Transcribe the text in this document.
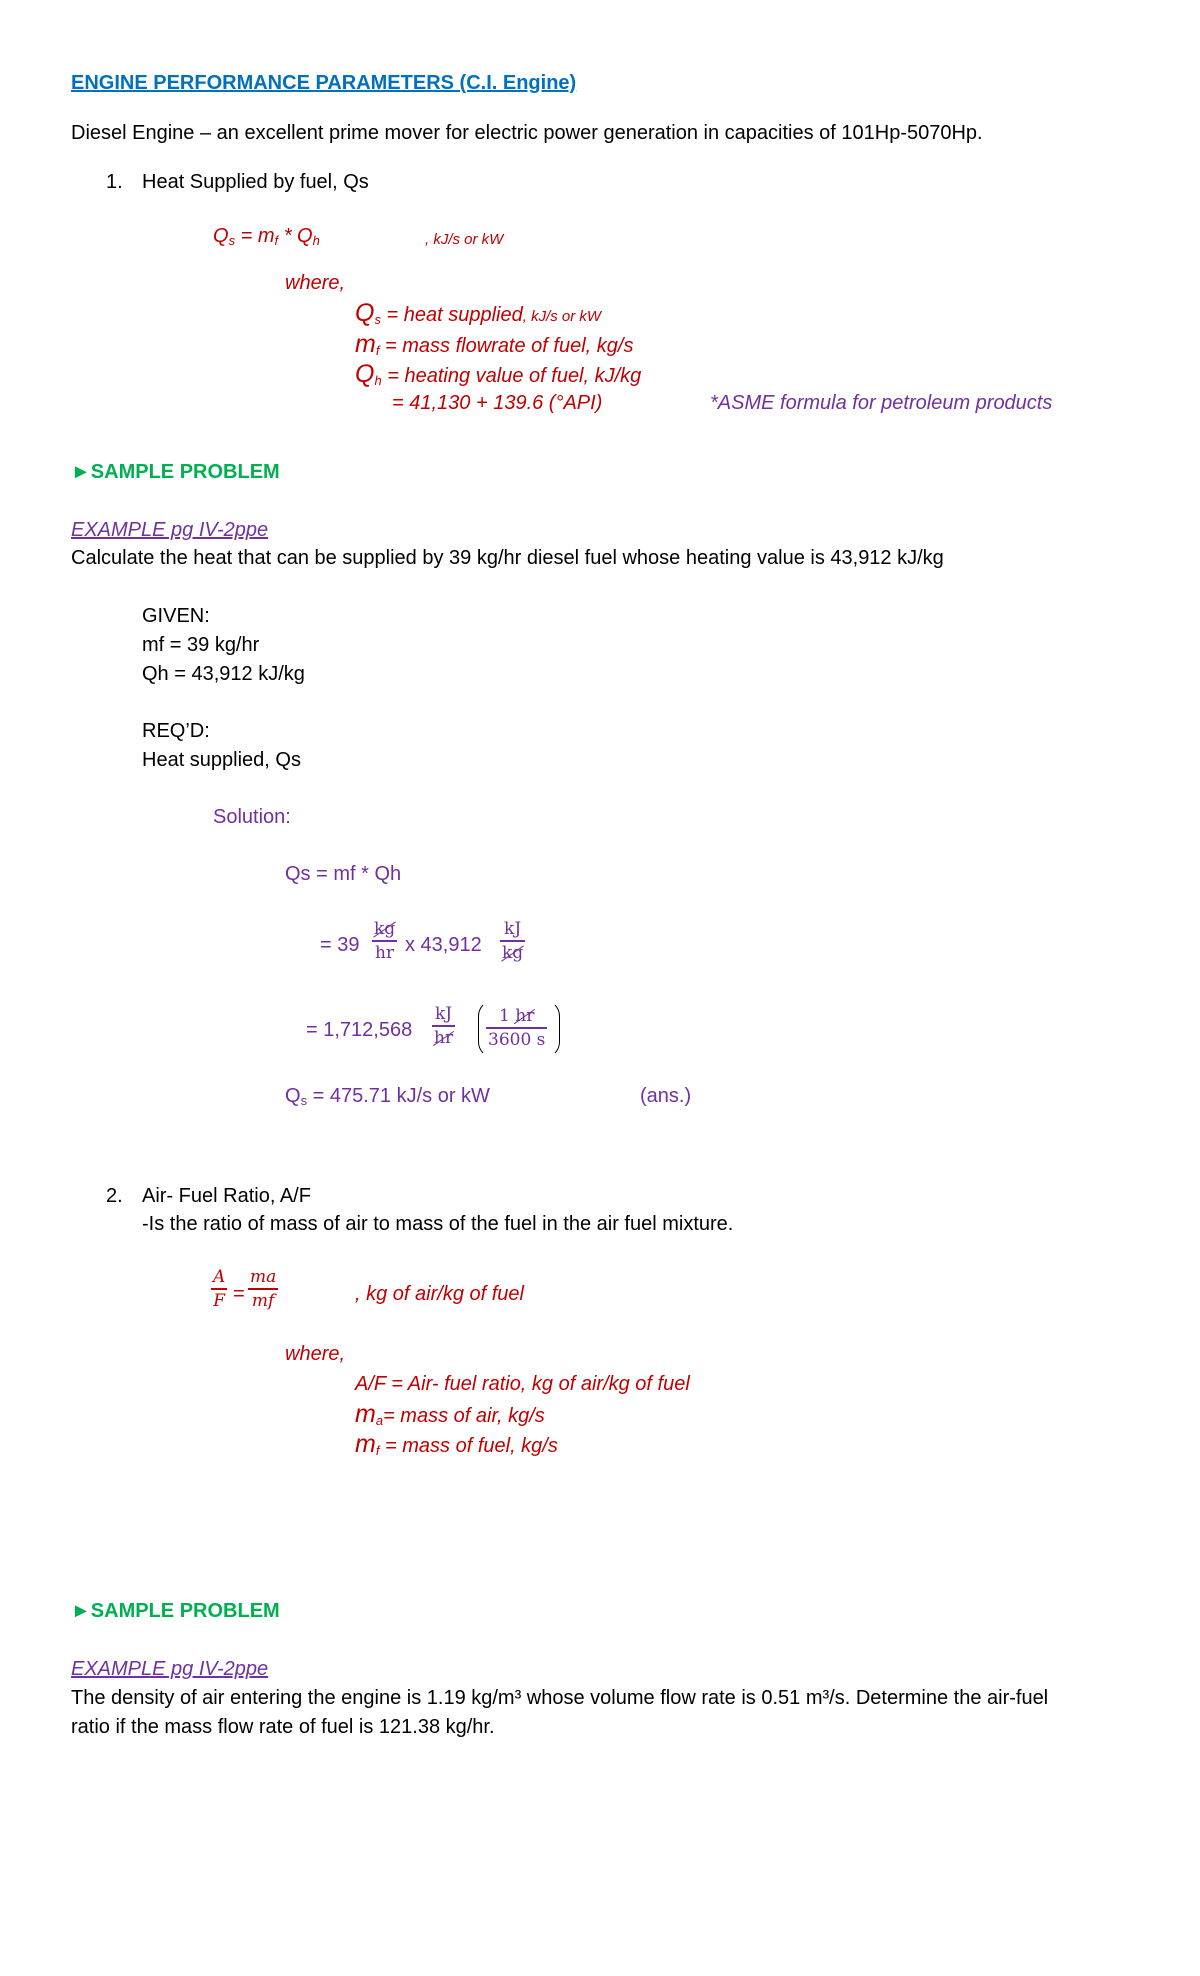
ENGINE PERFORMANCE PARAMETERS (C.I. Engine)
Diesel Engine – an excellent prime mover for electric power generation in capacities of 101Hp-5070Hp.
1. Heat Supplied by fuel, Qs
$Q_s = m_f * Q_h$	, kJ/s or kW
where,
$Q_s$ = heat supplied, kJ/s or kW
$m_f$ = mass flowrate of fuel, kg/s
$Q_h$ = heating value of fuel, kJ/kg
= 41,130 + 139.6 (°API)	*ASME formula for petroleum products
►SAMPLE PROBLEM
EXAMPLE pg IV-2ppe
Calculate the heat that can be supplied by 39 kg/hr diesel fuel whose heating value is 43,912 kJ/kg
GIVEN:
mf = 39 kg/hr
Qh = 43,912 kJ/kg
REQ’D:
Heat supplied, Qs
Solution:
Qs = mf * Qh
= 39
kg
hr x 43,912
kJ
kg
= 1,712,568
kJ
hr
1 hr
3600 s
$Q_s = 475.71$ kJ/s or kW	(ans.)
2. Air- Fuel Ratio, A/F
-Is the ratio of mass of air to mass of the fuel in the air fuel mixture.
A
F =
ma
mf	, kg of air/kg of fuel
where,
A/F = Air- fuel ratio, kg of air/kg of fuel
$m_a=$ mass of air, kg/s
$m_f$ = mass of fuel, kg/s
►SAMPLE PROBLEM
EXAMPLE pg IV-2ppe
The density of air entering the engine is 1.19 kg/m³ whose volume flow rate is 0.51 m³/s. Determine the air-fuel
ratio if the mass flow rate of fuel is 121.38 kg/hr.
